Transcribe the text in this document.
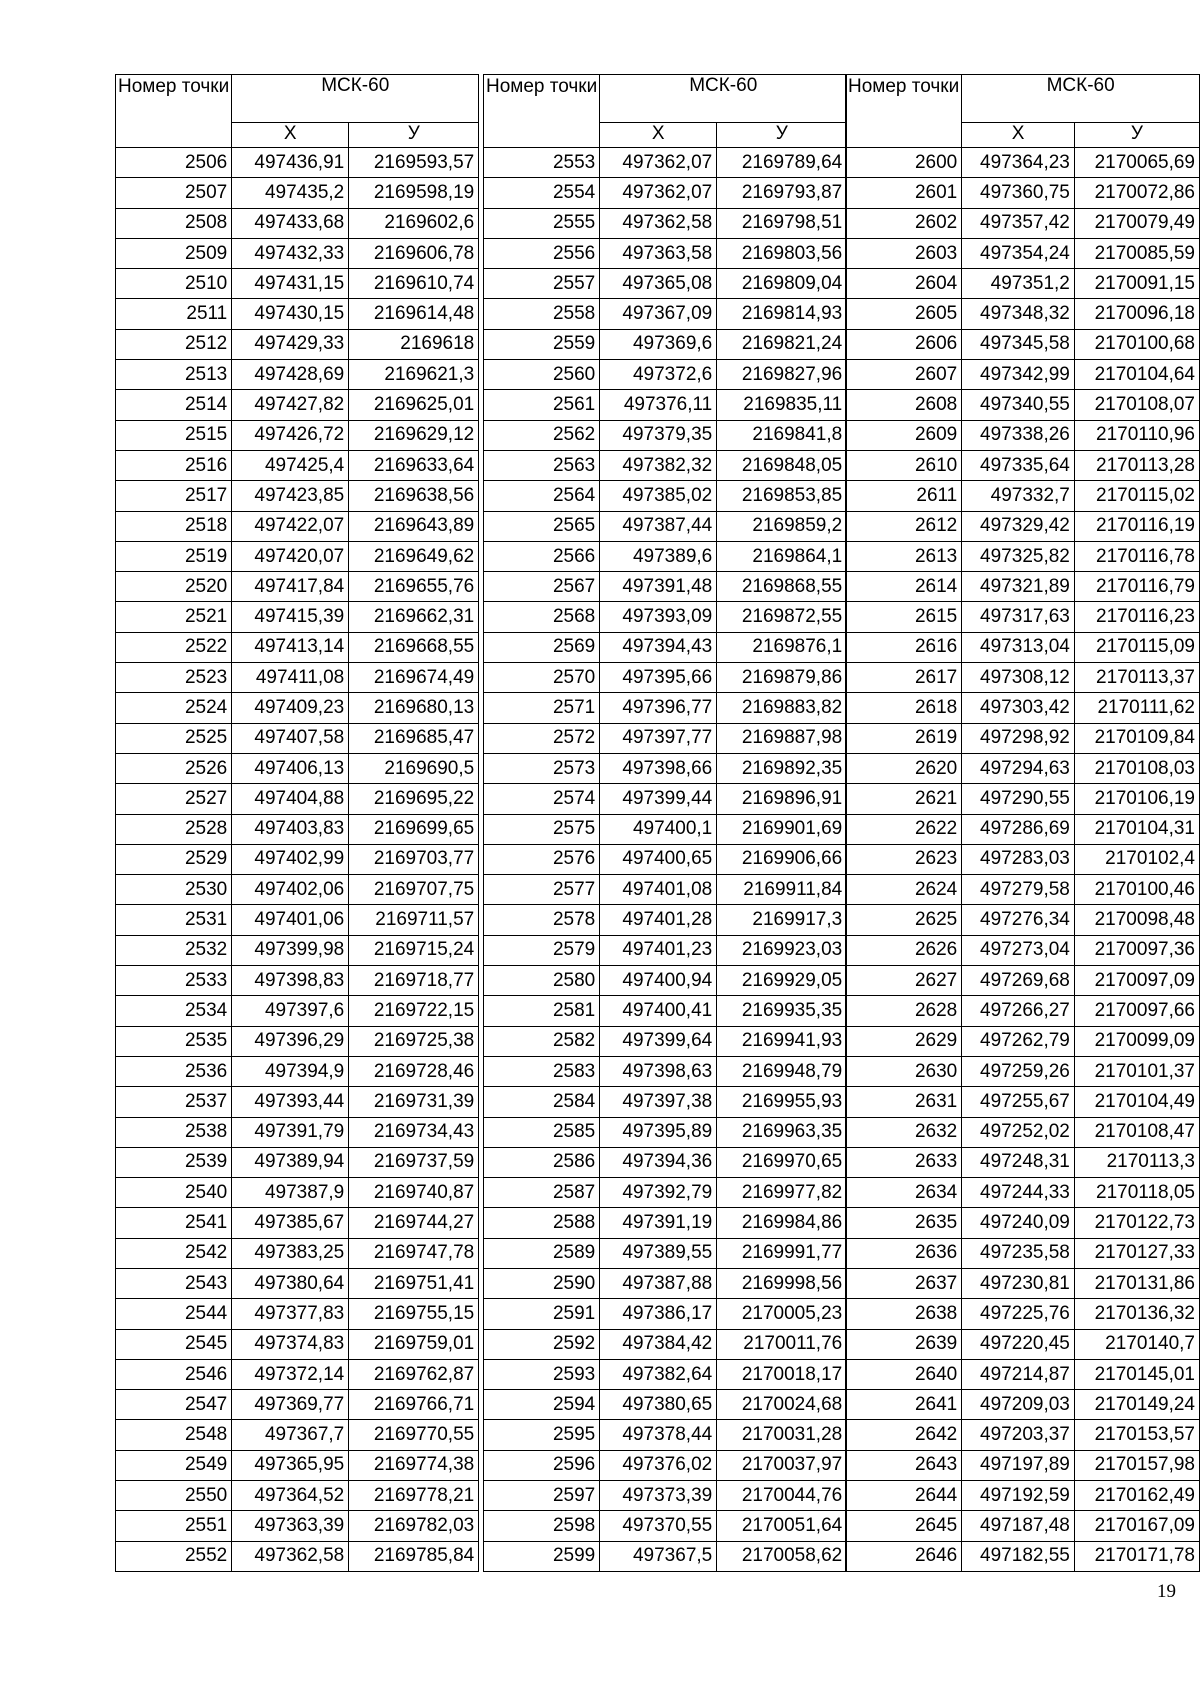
Номер точки	МСК-60	
	Х	У
2506	497436,91	2169593,57
2507	497435,2	2169598,19
2508	497433,68	2169602,6
2509	497432,33	2169606,78
2510	497431,15	2169610,74
2511	497430,15	2169614,48
2512	497429,33	2169618
2513	497428,69	2169621,3
2514	497427,82	2169625,01
2515	497426,72	2169629,12
2516	497425,4	2169633,64
2517	497423,85	2169638,56
2518	497422,07	2169643,89
2519	497420,07	2169649,62
2520	497417,84	2169655,76
2521	497415,39	2169662,31
2522	497413,14	2169668,55
2523	497411,08	2169674,49
2524	497409,23	2169680,13
2525	497407,58	2169685,47
2526	497406,13	2169690,5
2527	497404,88	2169695,22
2528	497403,83	2169699,65
2529	497402,99	2169703,77
2530	497402,06	2169707,75
2531	497401,06	2169711,57
2532	497399,98	2169715,24
2533	497398,83	2169718,77
2534	497397,6	2169722,15
2535	497396,29	2169725,38
2536	497394,9	2169728,46
2537	497393,44	2169731,39
2538	497391,79	2169734,43
2539	497389,94	2169737,59
2540	497387,9	2169740,87
2541	497385,67	2169744,27
2542	497383,25	2169747,78
2543	497380,64	2169751,41
2544	497377,83	2169755,15
2545	497374,83	2169759,01
2546	497372,14	2169762,87
2547	497369,77	2169766,71
2548	497367,7	2169770,55
2549	497365,95	2169774,38
2550	497364,52	2169778,21
2551	497363,39	2169782,03
2552	497362,58	2169785,84
Номер точки	МСК-60	
	Х	У
2553	497362,07	2169789,64
2554	497362,07	2169793,87
2555	497362,58	2169798,51
2556	497363,58	2169803,56
2557	497365,08	2169809,04
2558	497367,09	2169814,93
2559	497369,6	2169821,24
2560	497372,6	2169827,96
2561	497376,11	2169835,11
2562	497379,35	2169841,8
2563	497382,32	2169848,05
2564	497385,02	2169853,85
2565	497387,44	2169859,2
2566	497389,6	2169864,1
2567	497391,48	2169868,55
2568	497393,09	2169872,55
2569	497394,43	2169876,1
2570	497395,66	2169879,86
2571	497396,77	2169883,82
2572	497397,77	2169887,98
2573	497398,66	2169892,35
2574	497399,44	2169896,91
2575	497400,1	2169901,69
2576	497400,65	2169906,66
2577	497401,08	2169911,84
2578	497401,28	2169917,3
2579	497401,23	2169923,03
2580	497400,94	2169929,05
2581	497400,41	2169935,35
2582	497399,64	2169941,93
2583	497398,63	2169948,79
2584	497397,38	2169955,93
2585	497395,89	2169963,35
2586	497394,36	2169970,65
2587	497392,79	2169977,82
2588	497391,19	2169984,86
2589	497389,55	2169991,77
2590	497387,88	2169998,56
2591	497386,17	2170005,23
2592	497384,42	2170011,76
2593	497382,64	2170018,17
2594	497380,65	2170024,68
2595	497378,44	2170031,28
2596	497376,02	2170037,97
2597	497373,39	2170044,76
2598	497370,55	2170051,64
2599	497367,5	2170058,62
Номер точки	МСК-60	
	Х	У
2600	497364,23	2170065,69
2601	497360,75	2170072,86
2602	497357,42	2170079,49
2603	497354,24	2170085,59
2604	497351,2	2170091,15
2605	497348,32	2170096,18
2606	497345,58	2170100,68
2607	497342,99	2170104,64
2608	497340,55	2170108,07
2609	497338,26	2170110,96
2610	497335,64	2170113,28
2611	497332,7	2170115,02
2612	497329,42	2170116,19
2613	497325,82	2170116,78
2614	497321,89	2170116,79
2615	497317,63	2170116,23
2616	497313,04	2170115,09
2617	497308,12	2170113,37
2618	497303,42	2170111,62
2619	497298,92	2170109,84
2620	497294,63	2170108,03
2621	497290,55	2170106,19
2622	497286,69	2170104,31
2623	497283,03	2170102,4
2624	497279,58	2170100,46
2625	497276,34	2170098,48
2626	497273,04	2170097,36
2627	497269,68	2170097,09
2628	497266,27	2170097,66
2629	497262,79	2170099,09
2630	497259,26	2170101,37
2631	497255,67	2170104,49
2632	497252,02	2170108,47
2633	497248,31	2170113,3
2634	497244,33	2170118,05
2635	497240,09	2170122,73
2636	497235,58	2170127,33
2637	497230,81	2170131,86
2638	497225,76	2170136,32
2639	497220,45	2170140,7
2640	497214,87	2170145,01
2641	497209,03	2170149,24
2642	497203,37	2170153,57
2643	497197,89	2170157,98
2644	497192,59	2170162,49
2645	497187,48	2170167,09
2646	497182,55	2170171,78
19
